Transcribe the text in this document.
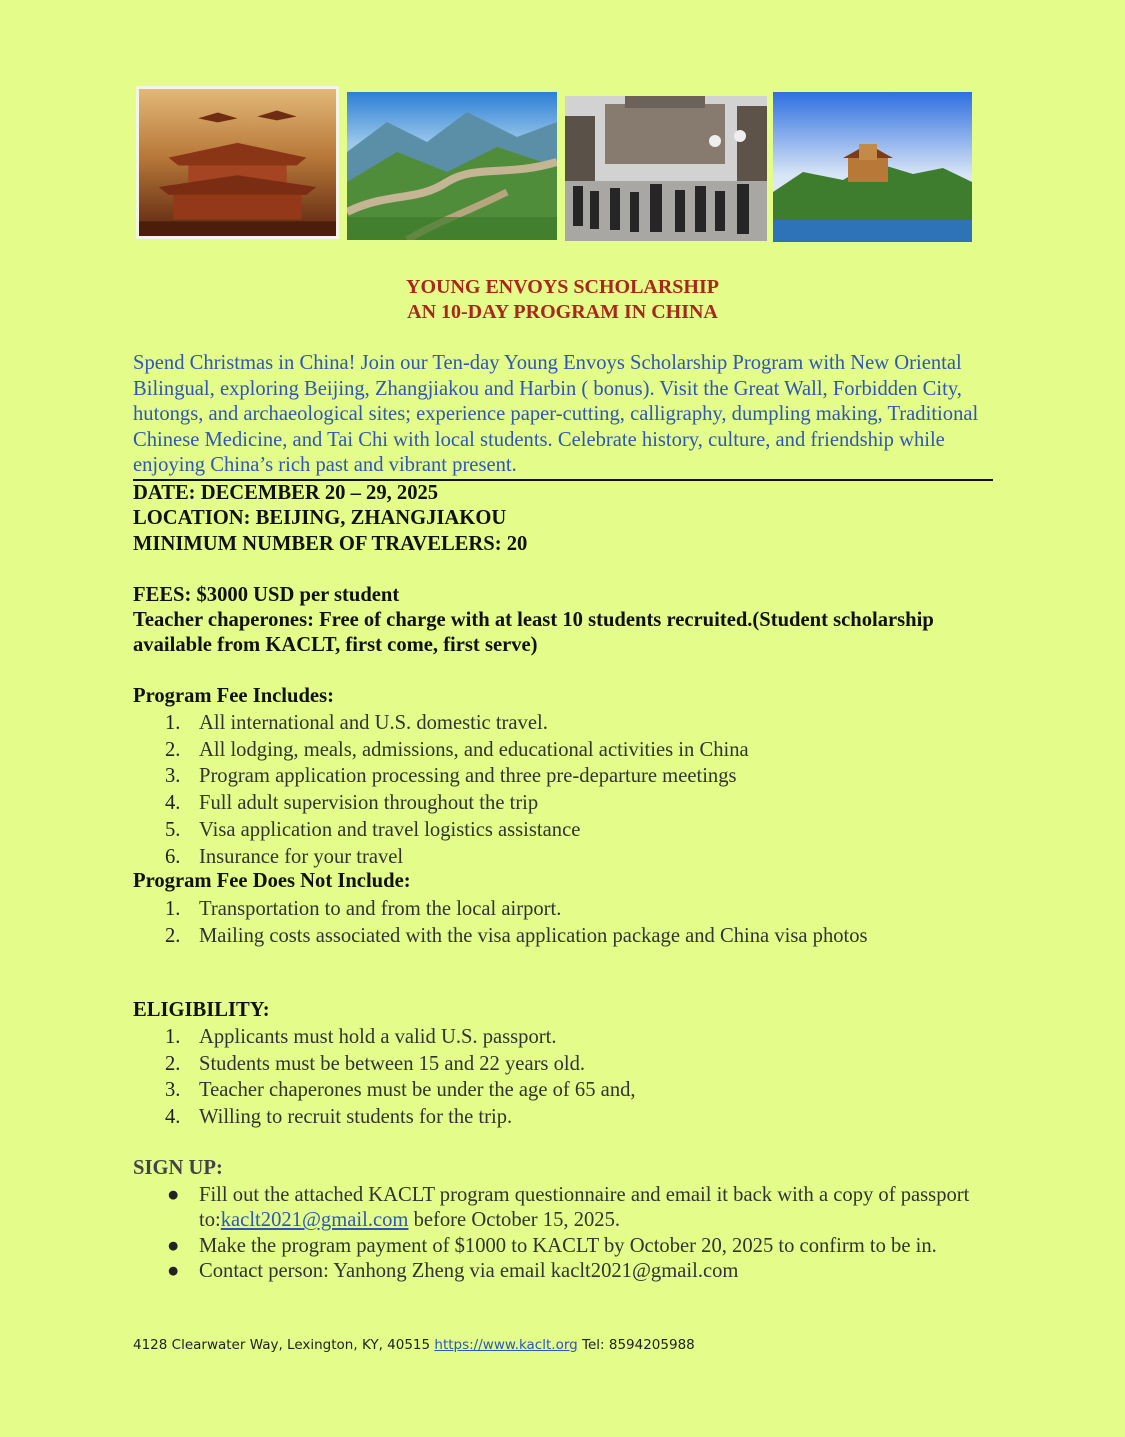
YOUNG ENVOYS SCHOLARSHIP
AN 10-DAY PROGRAM IN CHINA
Spend Christmas in China! Join our Ten-day Young Envoys Scholarship Program with New Oriental Bilingual, exploring Beijing, Zhangjiakou and Harbin ( bonus). Visit the Great Wall, Forbidden City, hutongs, and archaeological sites; experience paper-cutting, calligraphy, dumpling making, Traditional Chinese Medicine, and Tai Chi with local students. Celebrate history, culture, and friendship while enjoying China’s rich past and vibrant present.
DATE: DECEMBER 20 – 29, 2025
LOCATION: BEIJING, ZHANGJIAKOU
MINIMUM NUMBER OF TRAVELERS: 20
FEES: $3000 USD per student
Teacher chaperones: Free of charge with at least 10 students recruited.(Student scholarship
available from KACLT, first come, first serve)
Program Fee Includes:
1. All international and U.S. domestic travel.
2. All lodging, meals, admissions, and educational activities in China
3. Program application processing and three pre-departure meetings
4. Full adult supervision throughout the trip
5. Visa application and travel logistics assistance
6. Insurance for your travel
Program Fee Does Not Include:
1. Transportation to and from the local airport.
2. Mailing costs associated with the visa application package and China visa photos
ELIGIBILITY:
1. Applicants must hold a valid U.S. passport.
2. Students must be between 15 and 22 years old.
3. Teacher chaperones must be under the age of 65 and,
4. Willing to recruit students for the trip.
SIGN UP:
● Fill out the attached KACLT program questionnaire and email it back with a copy of passport to:kaclt2021@gmail.com before October 15, 2025.
● Make the program payment of $1000 to KACLT by October 20, 2025 to confirm to be in.
● Contact person: Yanhong Zheng via email kaclt2021@gmail.com
4128 Clearwater Way, Lexington, KY, 40515 https://www.kaclt.org Tel: 8594205988
